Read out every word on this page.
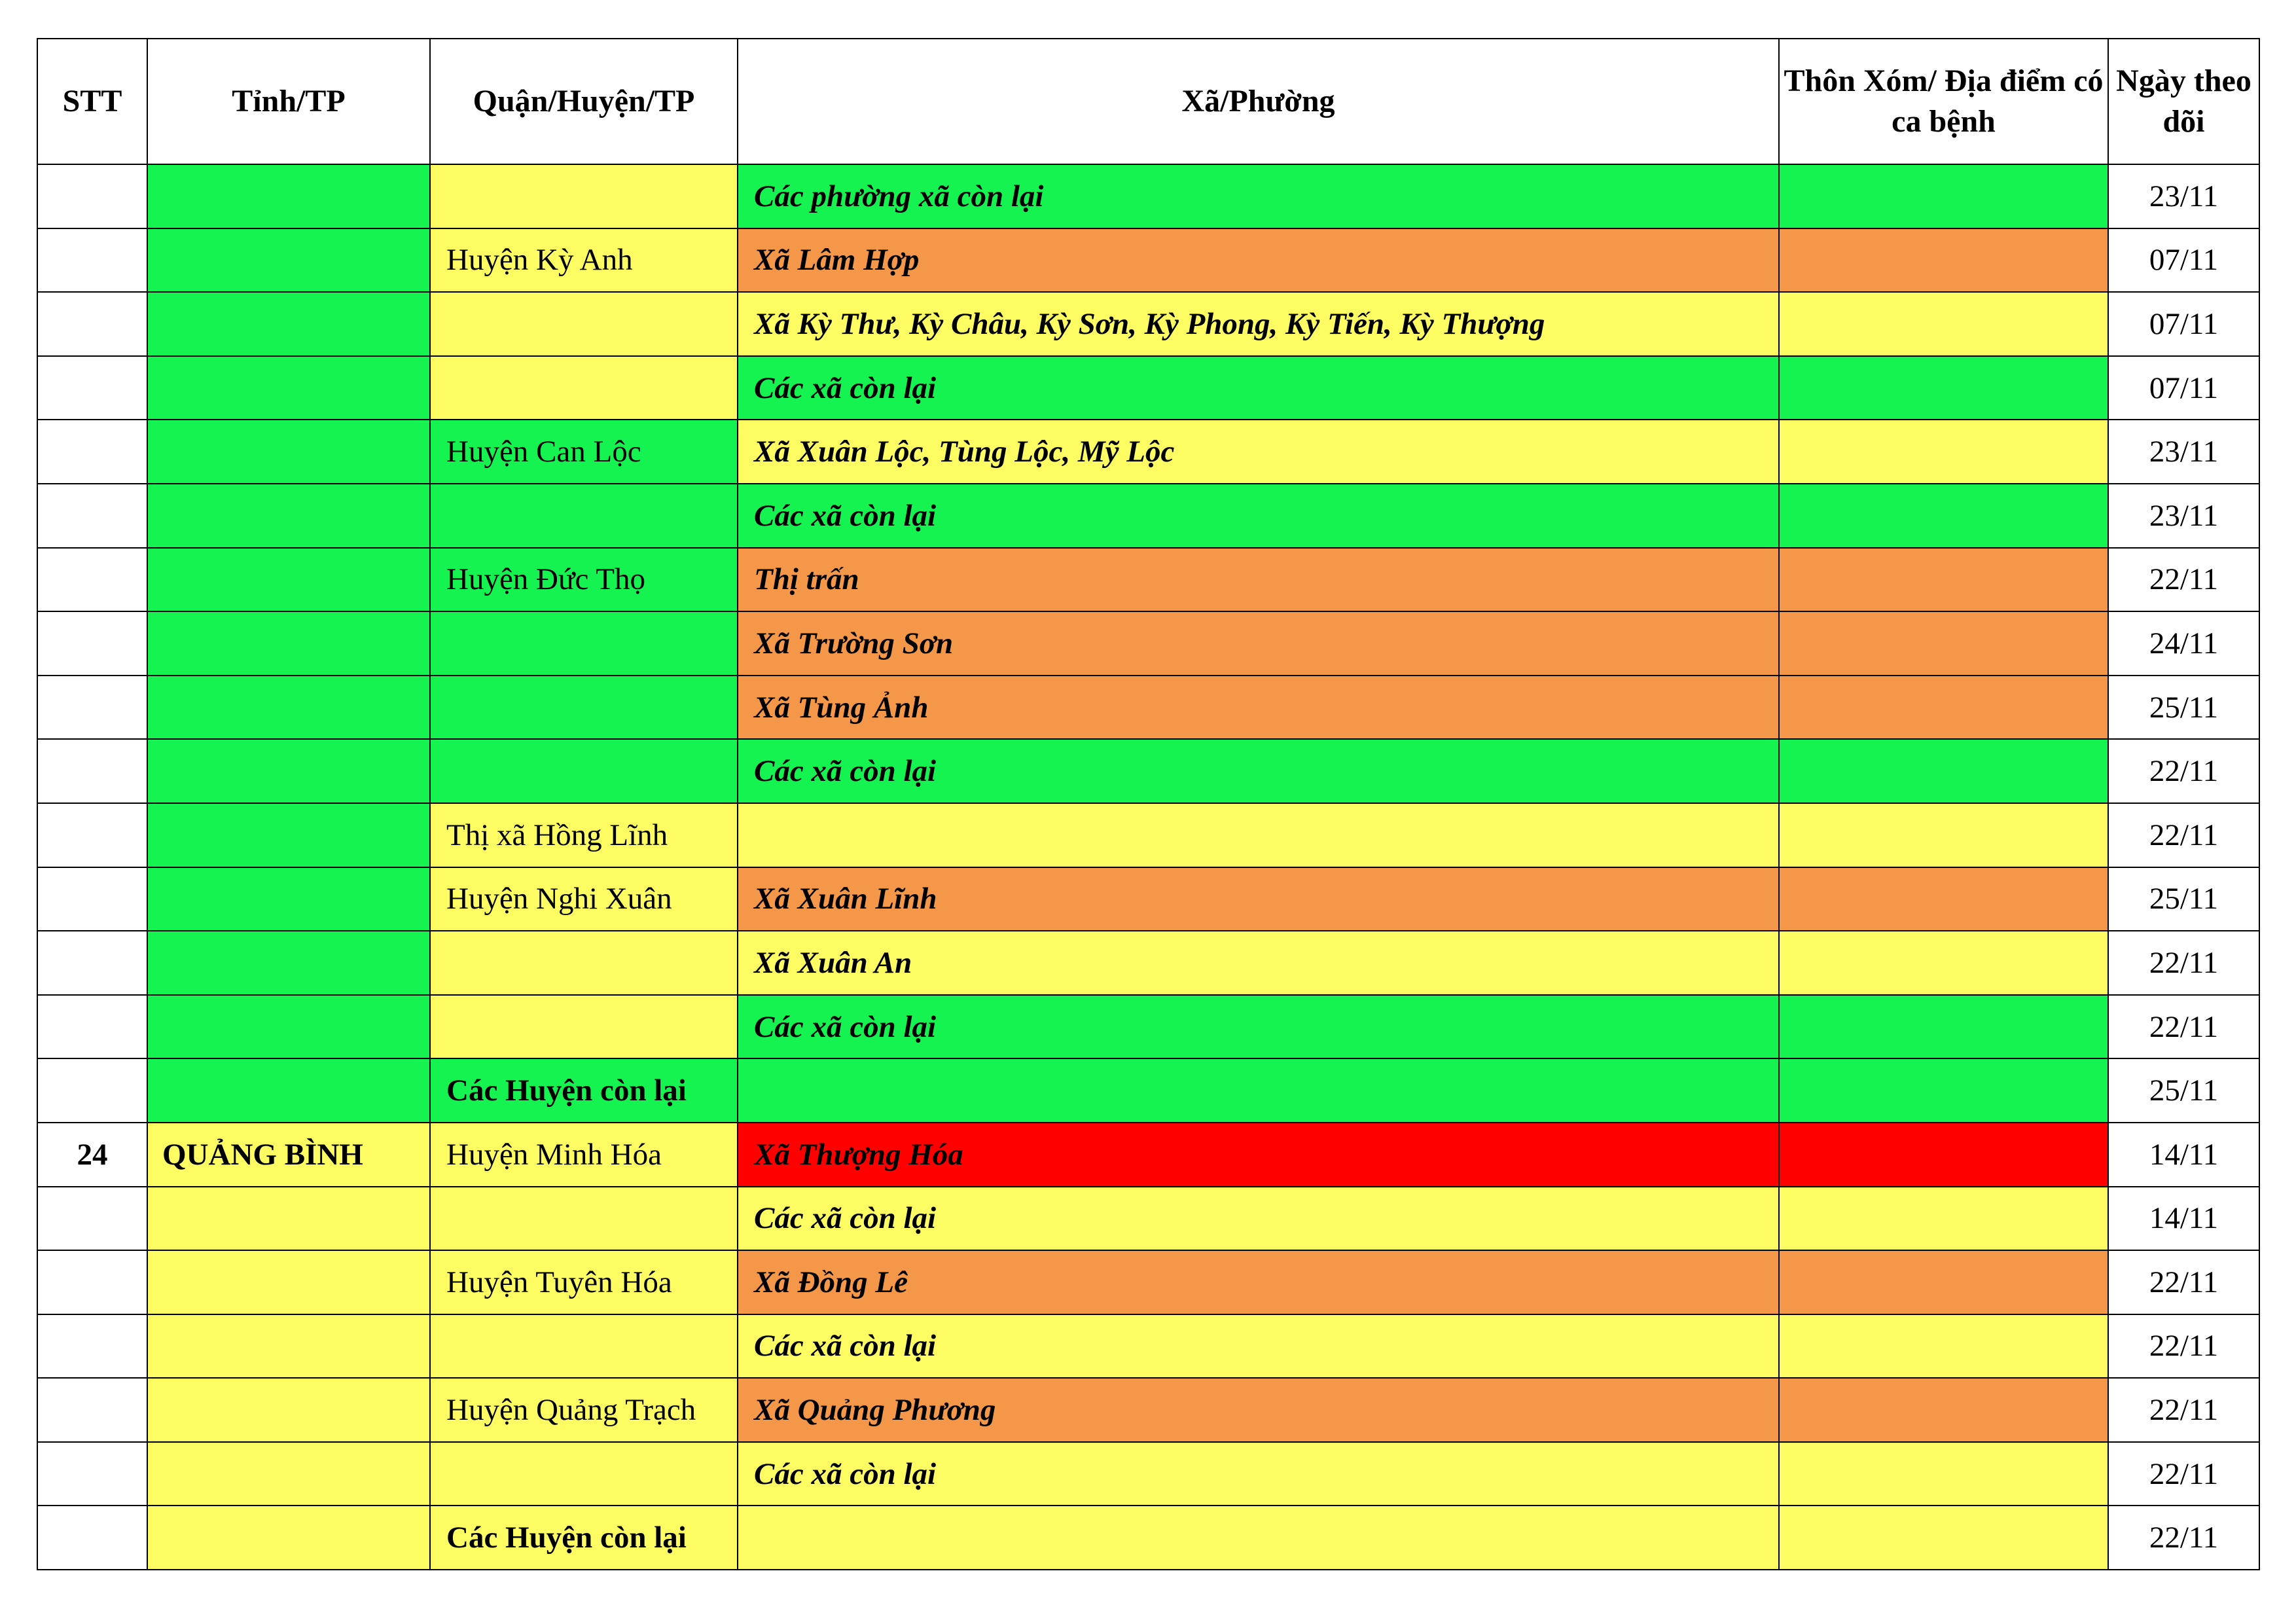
STT	Tỉnh/TP	Quận/Huyện/TP	Xã/Phường	Thôn Xóm/ Địa điểm có ca bệnh	Ngày theo dõi
			Các phường xã còn lại		23/11
		Huyện Kỳ Anh	Xã Lâm Hợp		07/11
			Xã Kỳ Thư, Kỳ Châu, Kỳ Sơn, Kỳ Phong, Kỳ Tiến, Kỳ Thượng		07/11
			Các xã còn lại		07/11
		Huyện Can Lộc	Xã Xuân Lộc, Tùng Lộc, Mỹ Lộc		23/11
			Các xã còn lại		23/11
		Huyện Đức Thọ	Thị trấn		22/11
			Xã Trường Sơn		24/11
			Xã Tùng Ảnh		25/11
			Các xã còn lại		22/11
		Thị xã Hồng Lĩnh			22/11
		Huyện Nghi Xuân	Xã Xuân Lĩnh		25/11
			Xã Xuân An		22/11
			Các xã còn lại		22/11
		Các Huyện còn lại			25/11
24	QUẢNG BÌNH	Huyện Minh Hóa	Xã Thượng Hóa		14/11
			Các xã còn lại		14/11
		Huyện Tuyên Hóa	Xã Đồng Lê		22/11
			Các xã còn lại		22/11
		Huyện Quảng Trạch	Xã Quảng Phương		22/11
			Các xã còn lại		22/11
		Các Huyện còn lại			22/11
